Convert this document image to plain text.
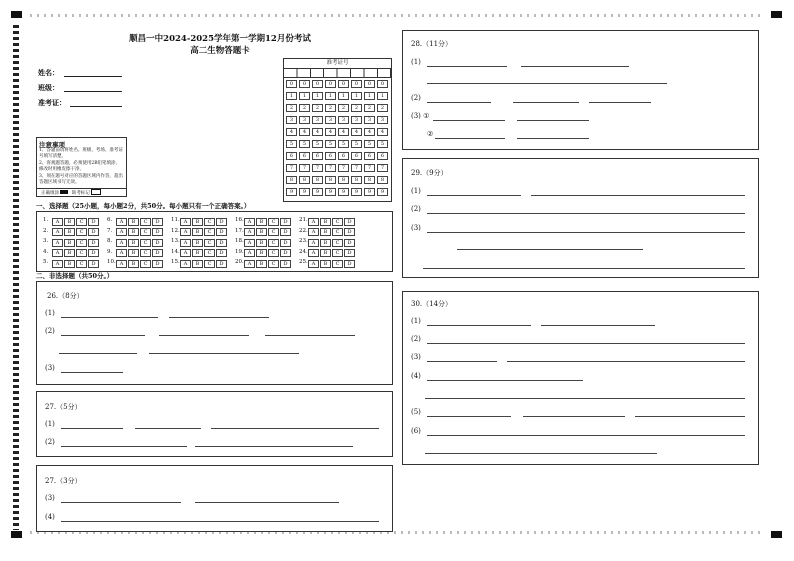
顺昌一中2024-2025学年第一学期12月份考试
高二生物答题卡
姓名：
班级：
准考证：
准考证号
0	0	0	0	0	0	0	0
1	1	1	1	1	1	1	1
2	2	2	2	2	2	2	2
3	3	3	3	3	3	3	3
4	4	4	4	4	4	4	4
5	5	5	5	5	5	5	5
6	6	6	6	6	6	6	6
7	7	7	7	7	7	7	7
8	8	8	8	8	8	8	8
9	9	9	9	9	9	9	9
注意事项
1、答题前请将姓名、班级、考场、准考证号填写清楚。
2、客观题答题，必须使用2B铅笔填涂，修改时用橡皮擦干净。
3、须在题号对应的答题区域内作答，超出答题区域书写无效。
正确填涂	缺考标记
一、选择题（25小题，每小题2分，共50分。每小题只有一个正确答案。）
1.	A	B	C	D
2.	A	B	C	D
3.	A	B	C	D
4.	A	B	C	D
5.	A	B	C	D
6.	A	B	C	D
7.	A	B	C	D
8.	A	B	C	D
9.	A	B	C	D
10. A	B	C	D
11. A	B	C	D
12. A	B	C	D
13. A	B	C	D
14. A	B	C	D
15. A	B	C	D
16. A	B	C	D
17. A	B	C	D
18. A	B	C	D
19. A	B	C	D
20. A	B	C	D
21. A	B	C	D
22. A	B	C	D
23. A	B	C	D
24. A	B	C	D
25. A	B	C	D
二、非选择题（共50分。）
26.（8分）
(1)
(2)
(3)
27.（5分）
(1)
(2)
27.（3分）
(3)
(4)
28.（11分）
(1)
(2)
(3) ①
②
29.（9分）
(1)
(2)
(3)
30.（14分）
(1)
(2)
(3)
(4)
(5)
(6)
